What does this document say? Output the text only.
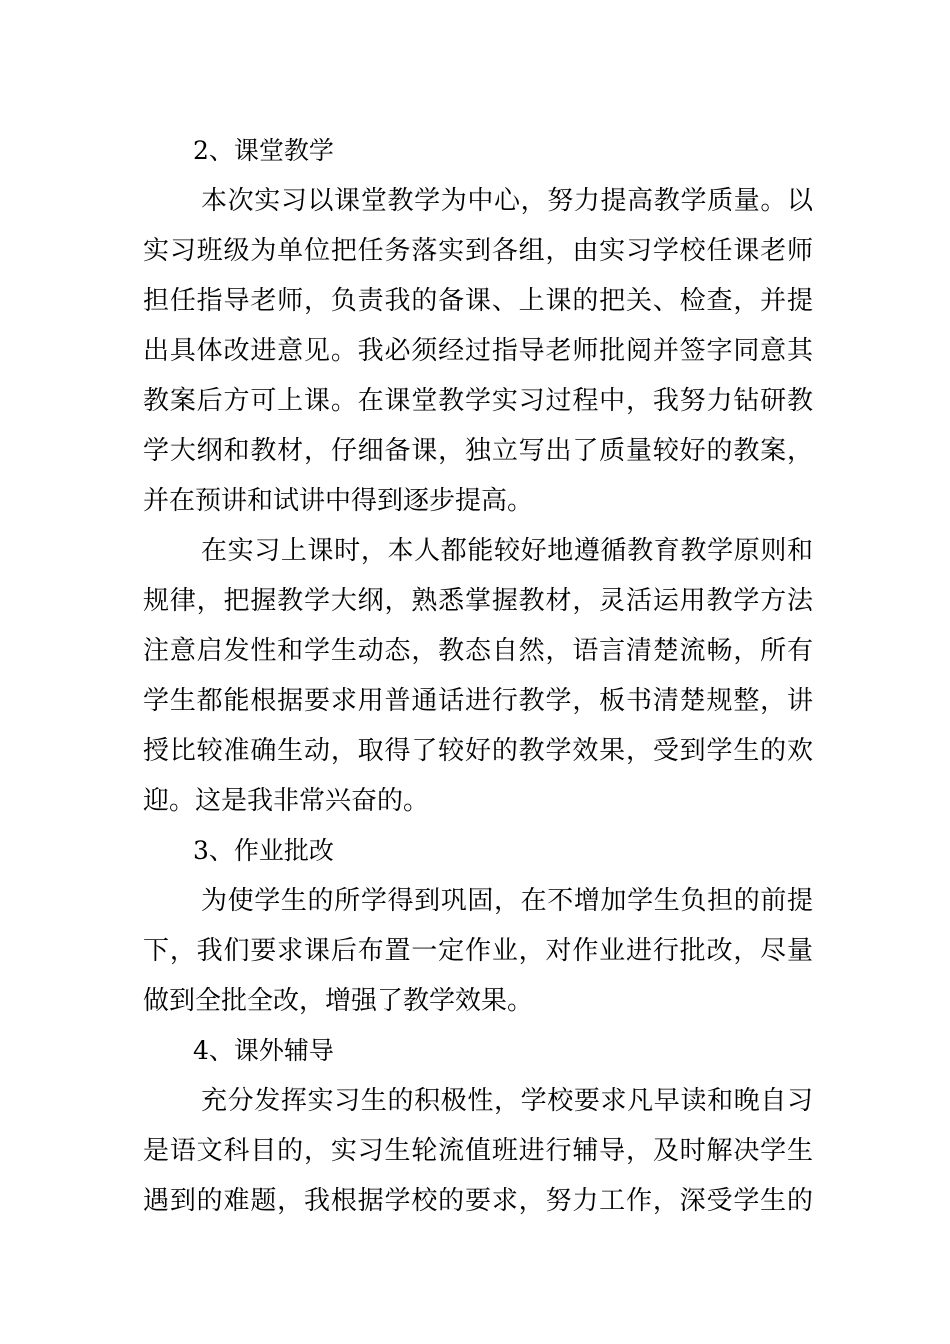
2、课堂教学
本次实习以课堂教学为中心，努力提高教学质量。以
实习班级为单位把任务落实到各组，由实习学校任课老师
担任指导老师，负责我的备课、上课的把关、检查，并提
出具体改进意见。我必须经过指导老师批阅并签字同意其
教案后方可上课。在课堂教学实习过程中，我努力钻研教
学大纲和教材，仔细备课，独立写出了质量较好的教案，
并在预讲和试讲中得到逐步提高。
在实习上课时，本人都能较好地遵循教育教学原则和
规律，把握教学大纲，熟悉掌握教材，灵活运用教学方法
注意启发性和学生动态，教态自然，语言清楚流畅，所有
学生都能根据要求用普通话进行教学，板书清楚规整，讲
授比较准确生动，取得了较好的教学效果，受到学生的欢
迎。这是我非常兴奋的。
3、作业批改
为使学生的所学得到巩固，在不增加学生负担的前提
下，我们要求课后布置一定作业，对作业进行批改，尽量
做到全批全改，增强了教学效果。
4、课外辅导
充分发挥实习生的积极性，学校要求凡早读和晚自习
是语文科目的，实习生轮流值班进行辅导，及时解决学生
遇到的难题，我根据学校的要求，努力工作，深受学生的
